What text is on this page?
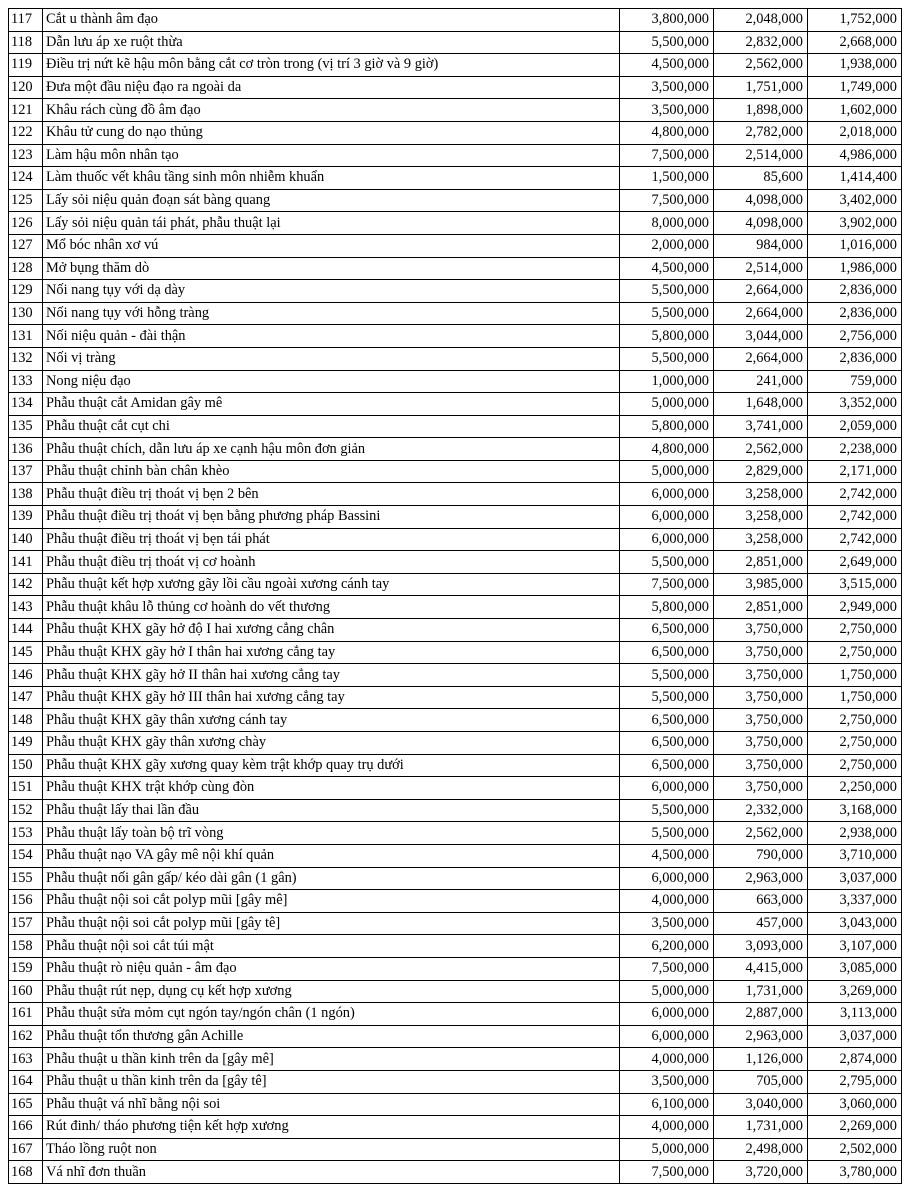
117	Cắt u thành âm đạo	3,800,000	2,048,000	1,752,000
118	Dẫn lưu áp xe ruột thừa	5,500,000	2,832,000	2,668,000
119	Điều trị nứt kẽ hậu môn bằng cắt cơ tròn trong (vị trí 3 giờ và 9 giờ)	4,500,000	2,562,000	1,938,000
120	Đưa một đầu niệu đạo ra ngoài da	3,500,000	1,751,000	1,749,000
121	Khâu rách cùng đồ âm đạo	3,500,000	1,898,000	1,602,000
122	Khâu tử cung do nạo thủng	4,800,000	2,782,000	2,018,000
123	Làm hậu môn nhân tạo	7,500,000	2,514,000	4,986,000
124	Làm thuốc vết khâu tầng sinh môn nhiễm khuẩn	1,500,000	85,600	1,414,400
125	Lấy sỏi niệu quản đoạn sát bàng quang	7,500,000	4,098,000	3,402,000
126	Lấy sỏi niệu quản tái phát, phẫu thuật lại	8,000,000	4,098,000	3,902,000
127	Mổ bóc nhân xơ vú	2,000,000	984,000	1,016,000
128	Mở bụng thăm dò	4,500,000	2,514,000	1,986,000
129	Nối nang tụy với dạ dày	5,500,000	2,664,000	2,836,000
130	Nối nang tụy với hỗng tràng	5,500,000	2,664,000	2,836,000
131	Nối niệu quản - đài thận	5,800,000	3,044,000	2,756,000
132	Nối vị tràng	5,500,000	2,664,000	2,836,000
133	Nong niệu đạo	1,000,000	241,000	759,000
134	Phẫu thuật cắt Amidan gây mê	5,000,000	1,648,000	3,352,000
135	Phẫu thuật cắt cụt chi	5,800,000	3,741,000	2,059,000
136	Phẫu thuật chích, dẫn lưu áp xe cạnh hậu môn đơn giản	4,800,000	2,562,000	2,238,000
137	Phẫu thuật chỉnh bàn chân khèo	5,000,000	2,829,000	2,171,000
138	Phẫu thuật điều trị thoát vị bẹn 2 bên	6,000,000	3,258,000	2,742,000
139	Phẫu thuật điều trị thoát vị bẹn bằng phương pháp Bassini	6,000,000	3,258,000	2,742,000
140	Phẫu thuật điều trị thoát vị bẹn tái phát	6,000,000	3,258,000	2,742,000
141	Phẫu thuật điều trị thoát vị cơ hoành	5,500,000	2,851,000	2,649,000
142	Phẫu thuật kết hợp xương gãy lồi cầu ngoài xương cánh tay	7,500,000	3,985,000	3,515,000
143	Phẫu thuật khâu lỗ thủng cơ hoành do vết thương	5,800,000	2,851,000	2,949,000
144	Phẫu thuật KHX gãy hở độ I hai xương cẳng chân	6,500,000	3,750,000	2,750,000
145	Phẫu thuật KHX gãy hở I thân hai xương cẳng tay	6,500,000	3,750,000	2,750,000
146	Phẫu thuật KHX gãy hở II thân hai xương cẳng tay	5,500,000	3,750,000	1,750,000
147	Phẫu thuật KHX gãy hở III thân hai xương cẳng tay	5,500,000	3,750,000	1,750,000
148	Phẫu thuật KHX gãy thân xương cánh tay	6,500,000	3,750,000	2,750,000
149	Phẫu thuật KHX gãy thân xương chày	6,500,000	3,750,000	2,750,000
150	Phẫu thuật KHX gãy xương quay kèm trật khớp quay trụ dưới	6,500,000	3,750,000	2,750,000
151	Phẫu thuật KHX trật khớp cùng đòn	6,000,000	3,750,000	2,250,000
152	Phẫu thuật lấy thai lần đầu	5,500,000	2,332,000	3,168,000
153	Phẫu thuật lấy toàn bộ trĩ vòng	5,500,000	2,562,000	2,938,000
154	Phẫu thuật nạo VA gây mê nội khí quản	4,500,000	790,000	3,710,000
155	Phẫu thuật nối gân gấp/ kéo dài gân (1 gân)	6,000,000	2,963,000	3,037,000
156	Phẫu thuật nội soi cắt polyp mũi [gây mê]	4,000,000	663,000	3,337,000
157	Phẫu thuật nội soi cắt polyp mũi [gây tê]	3,500,000	457,000	3,043,000
158	Phẫu thuật nội soi cắt túi mật	6,200,000	3,093,000	3,107,000
159	Phẫu thuật rò niệu quản - âm đạo	7,500,000	4,415,000	3,085,000
160	Phẫu thuật rút nẹp, dụng cụ kết hợp xương	5,000,000	1,731,000	3,269,000
161	Phẫu thuật sửa mỏm cụt ngón tay/ngón chân (1 ngón)	6,000,000	2,887,000	3,113,000
162	Phẫu thuật tổn thương gân Achille	6,000,000	2,963,000	3,037,000
163	Phẫu thuật u thần kinh trên da [gây mê]	4,000,000	1,126,000	2,874,000
164	Phẫu thuật u thần kinh trên da [gây tê]	3,500,000	705,000	2,795,000
165	Phẫu thuật vá nhĩ bằng nội soi	6,100,000	3,040,000	3,060,000
166	Rút đinh/ tháo phương tiện kết hợp xương	4,000,000	1,731,000	2,269,000
167	Tháo lồng ruột non	5,000,000	2,498,000	2,502,000
168	Vá nhĩ đơn thuần	7,500,000	3,720,000	3,780,000
